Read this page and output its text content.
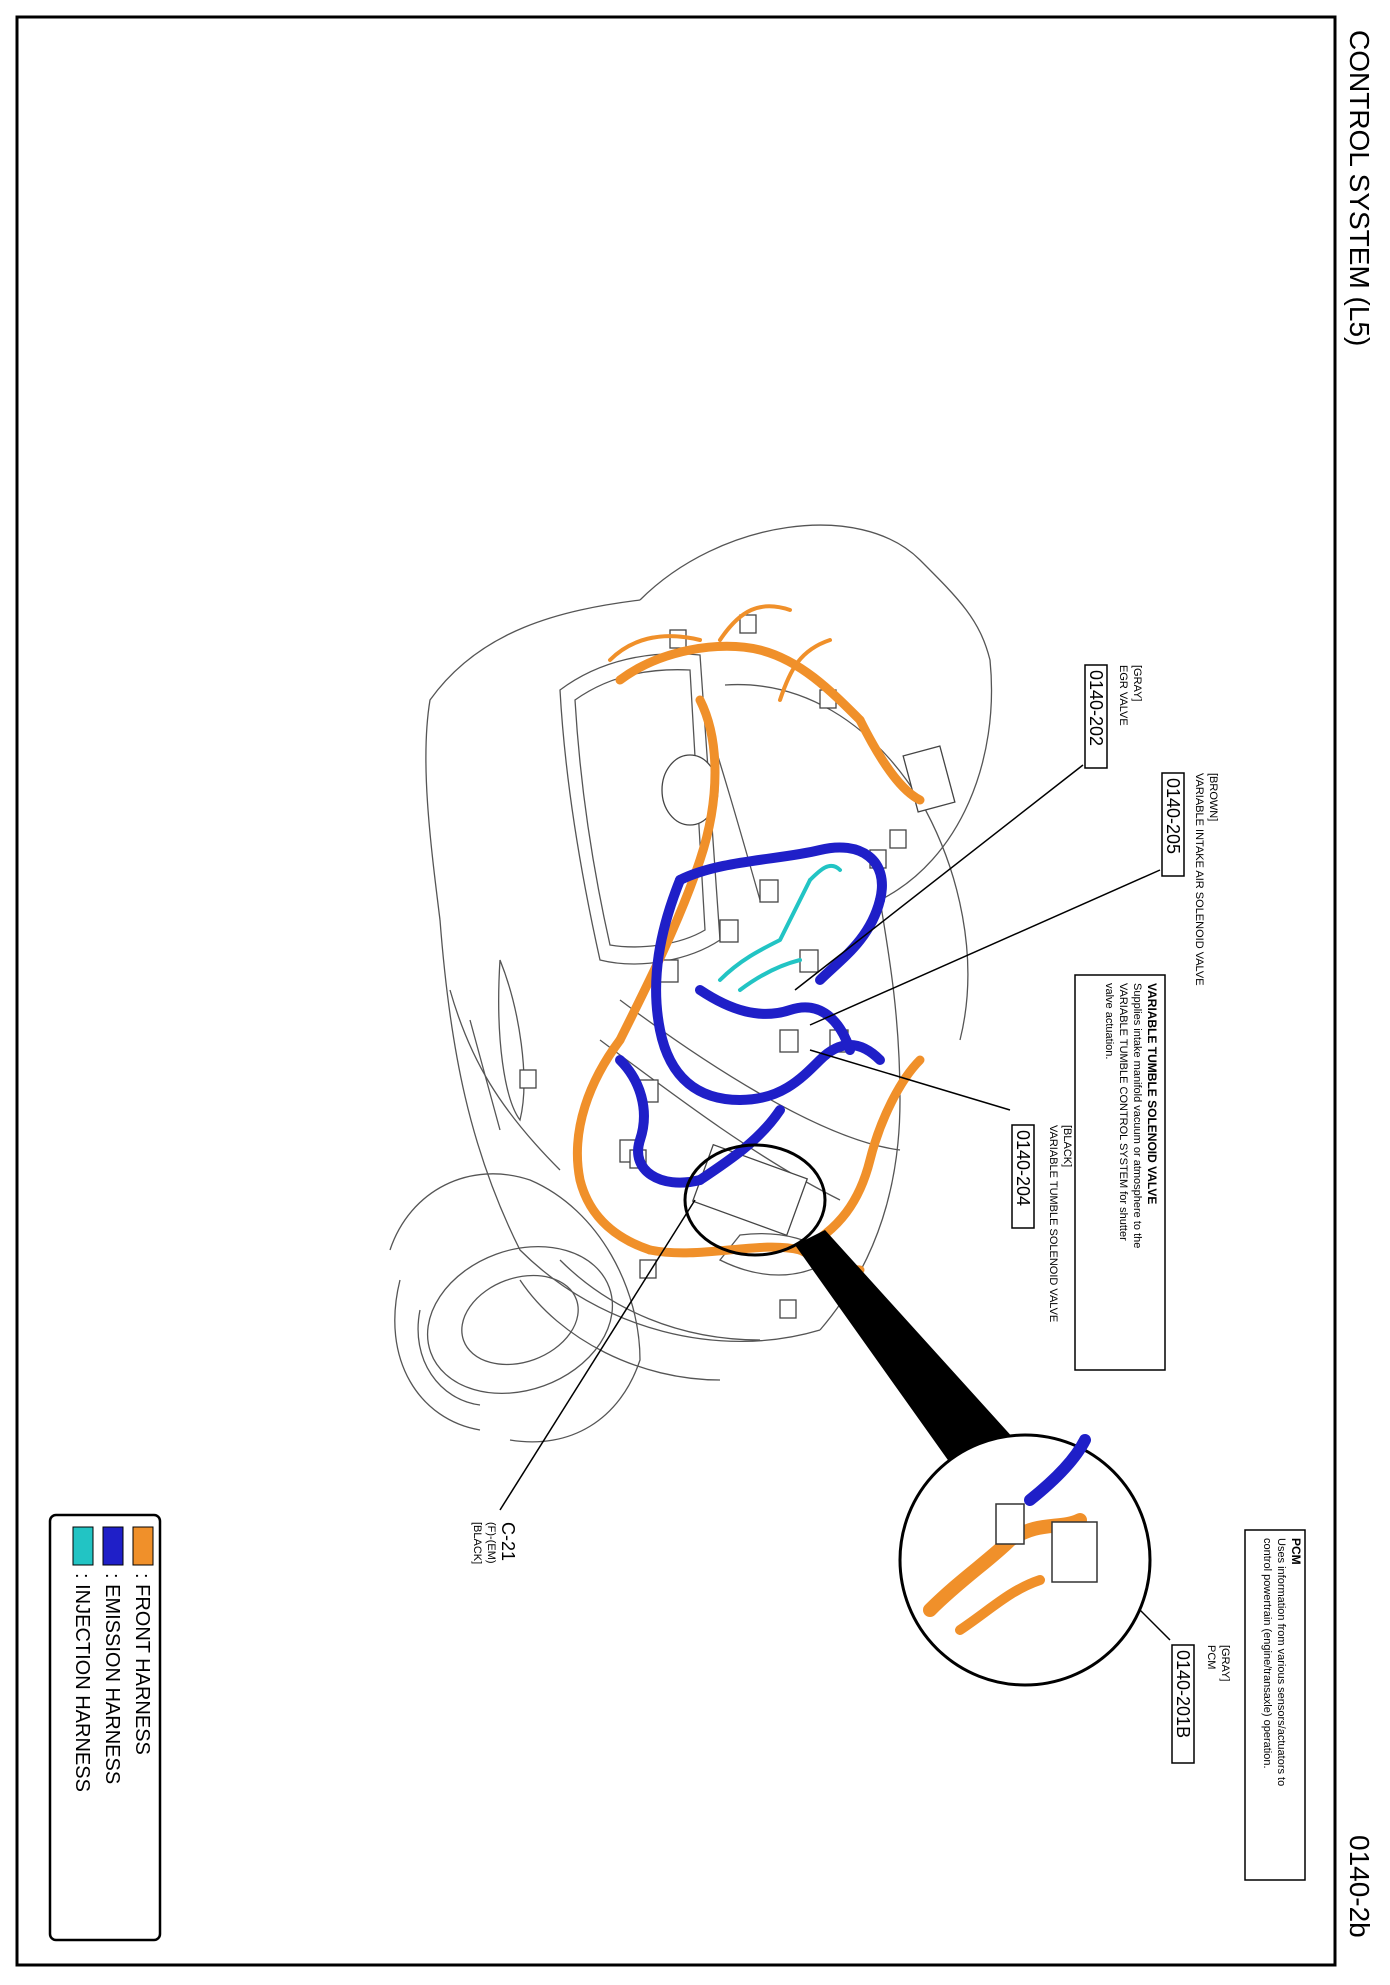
CONTROL SYSTEM (L5)
0140-2b
[GRAY]
EGR VALVE
0140-202
[BROWN]
VARIABLE INTAKE AIR SOLENOID VALVE
0140-205
[BLACK]
VARIABLE TUMBLE SOLENOID VALVE
0140-204	VARIABLE TUMBLE SOLENOID VALVE
Supplies intake manifold vacuum or atmosphere to the
VARIABLE TUMBLE CONTROL SYSTEM for shutter
valve actuation.
PCM
Uses information from various sensors/actuators to
control powertrain (engine/transaxle) operation.
[GRAY]
PCM
0140-201B
C-21
(F)-(EM)
[BLACK]
: FRONT HARNESS
: EMISSION HARNESS
: INJECTION HARNESS
